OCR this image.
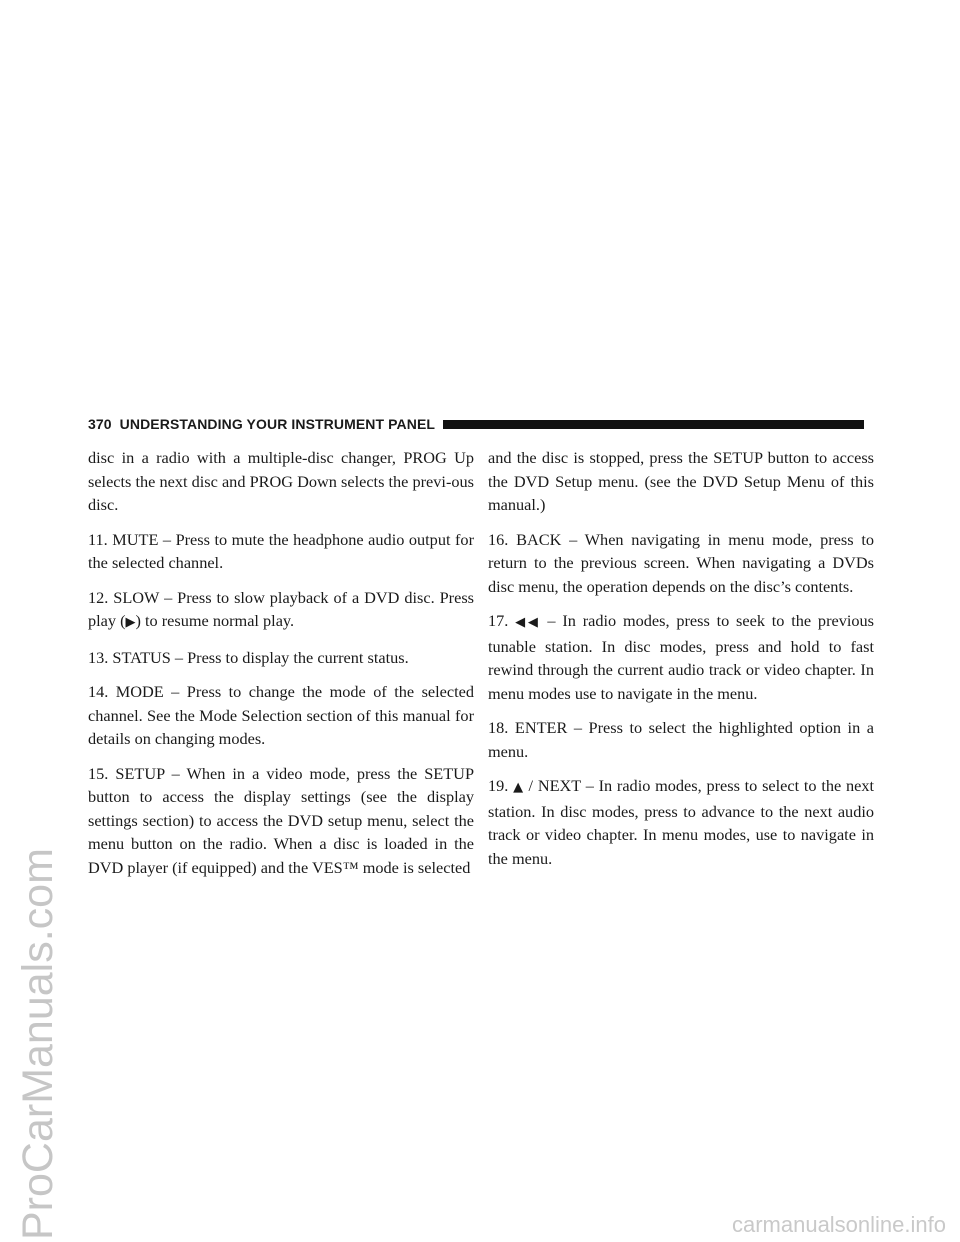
ProCarManuals.com
370 UNDERSTANDING YOUR INSTRUMENT PANEL

disc in a radio with a multiple-disc changer, PROG Up selects the next disc and PROG Down selects the previ-ous disc.

11. MUTE – Press to mute the headphone audio output for the selected channel.

12. SLOW – Press to slow playback of a DVD disc. Press play (▶) to resume normal play.

13. STATUS – Press to display the current status.

14. MODE – Press to change the mode of the selected channel. See the Mode Selection section of this manual for details on changing modes.

15. SETUP – When in a video mode, press the SETUP button to access the display settings (see the display settings section) to access the DVD setup menu, select the menu button on the radio. When a disc is loaded in the DVD player (if equipped) and the VES™ mode is selected

and the disc is stopped, press the SETUP button to access the DVD Setup menu. (see the DVD Setup Menu of this manual.)

16. BACK – When navigating in menu mode, press to return to the previous screen. When navigating a DVDs disc menu, the operation depends on the disc’s contents.

17. ◀◀ – In radio modes, press to seek to the previous tunable station. In disc modes, press and hold to fast rewind through the current audio track or video chapter. In menu modes use to navigate in the menu.

18. ENTER – Press to select the highlighted option in a menu.

19. ▲ / NEXT – In radio modes, press to select to the next station. In disc modes, press to advance to the next audio track or video chapter. In menu modes, use to navigate in the menu.

carmanualsonline.info
